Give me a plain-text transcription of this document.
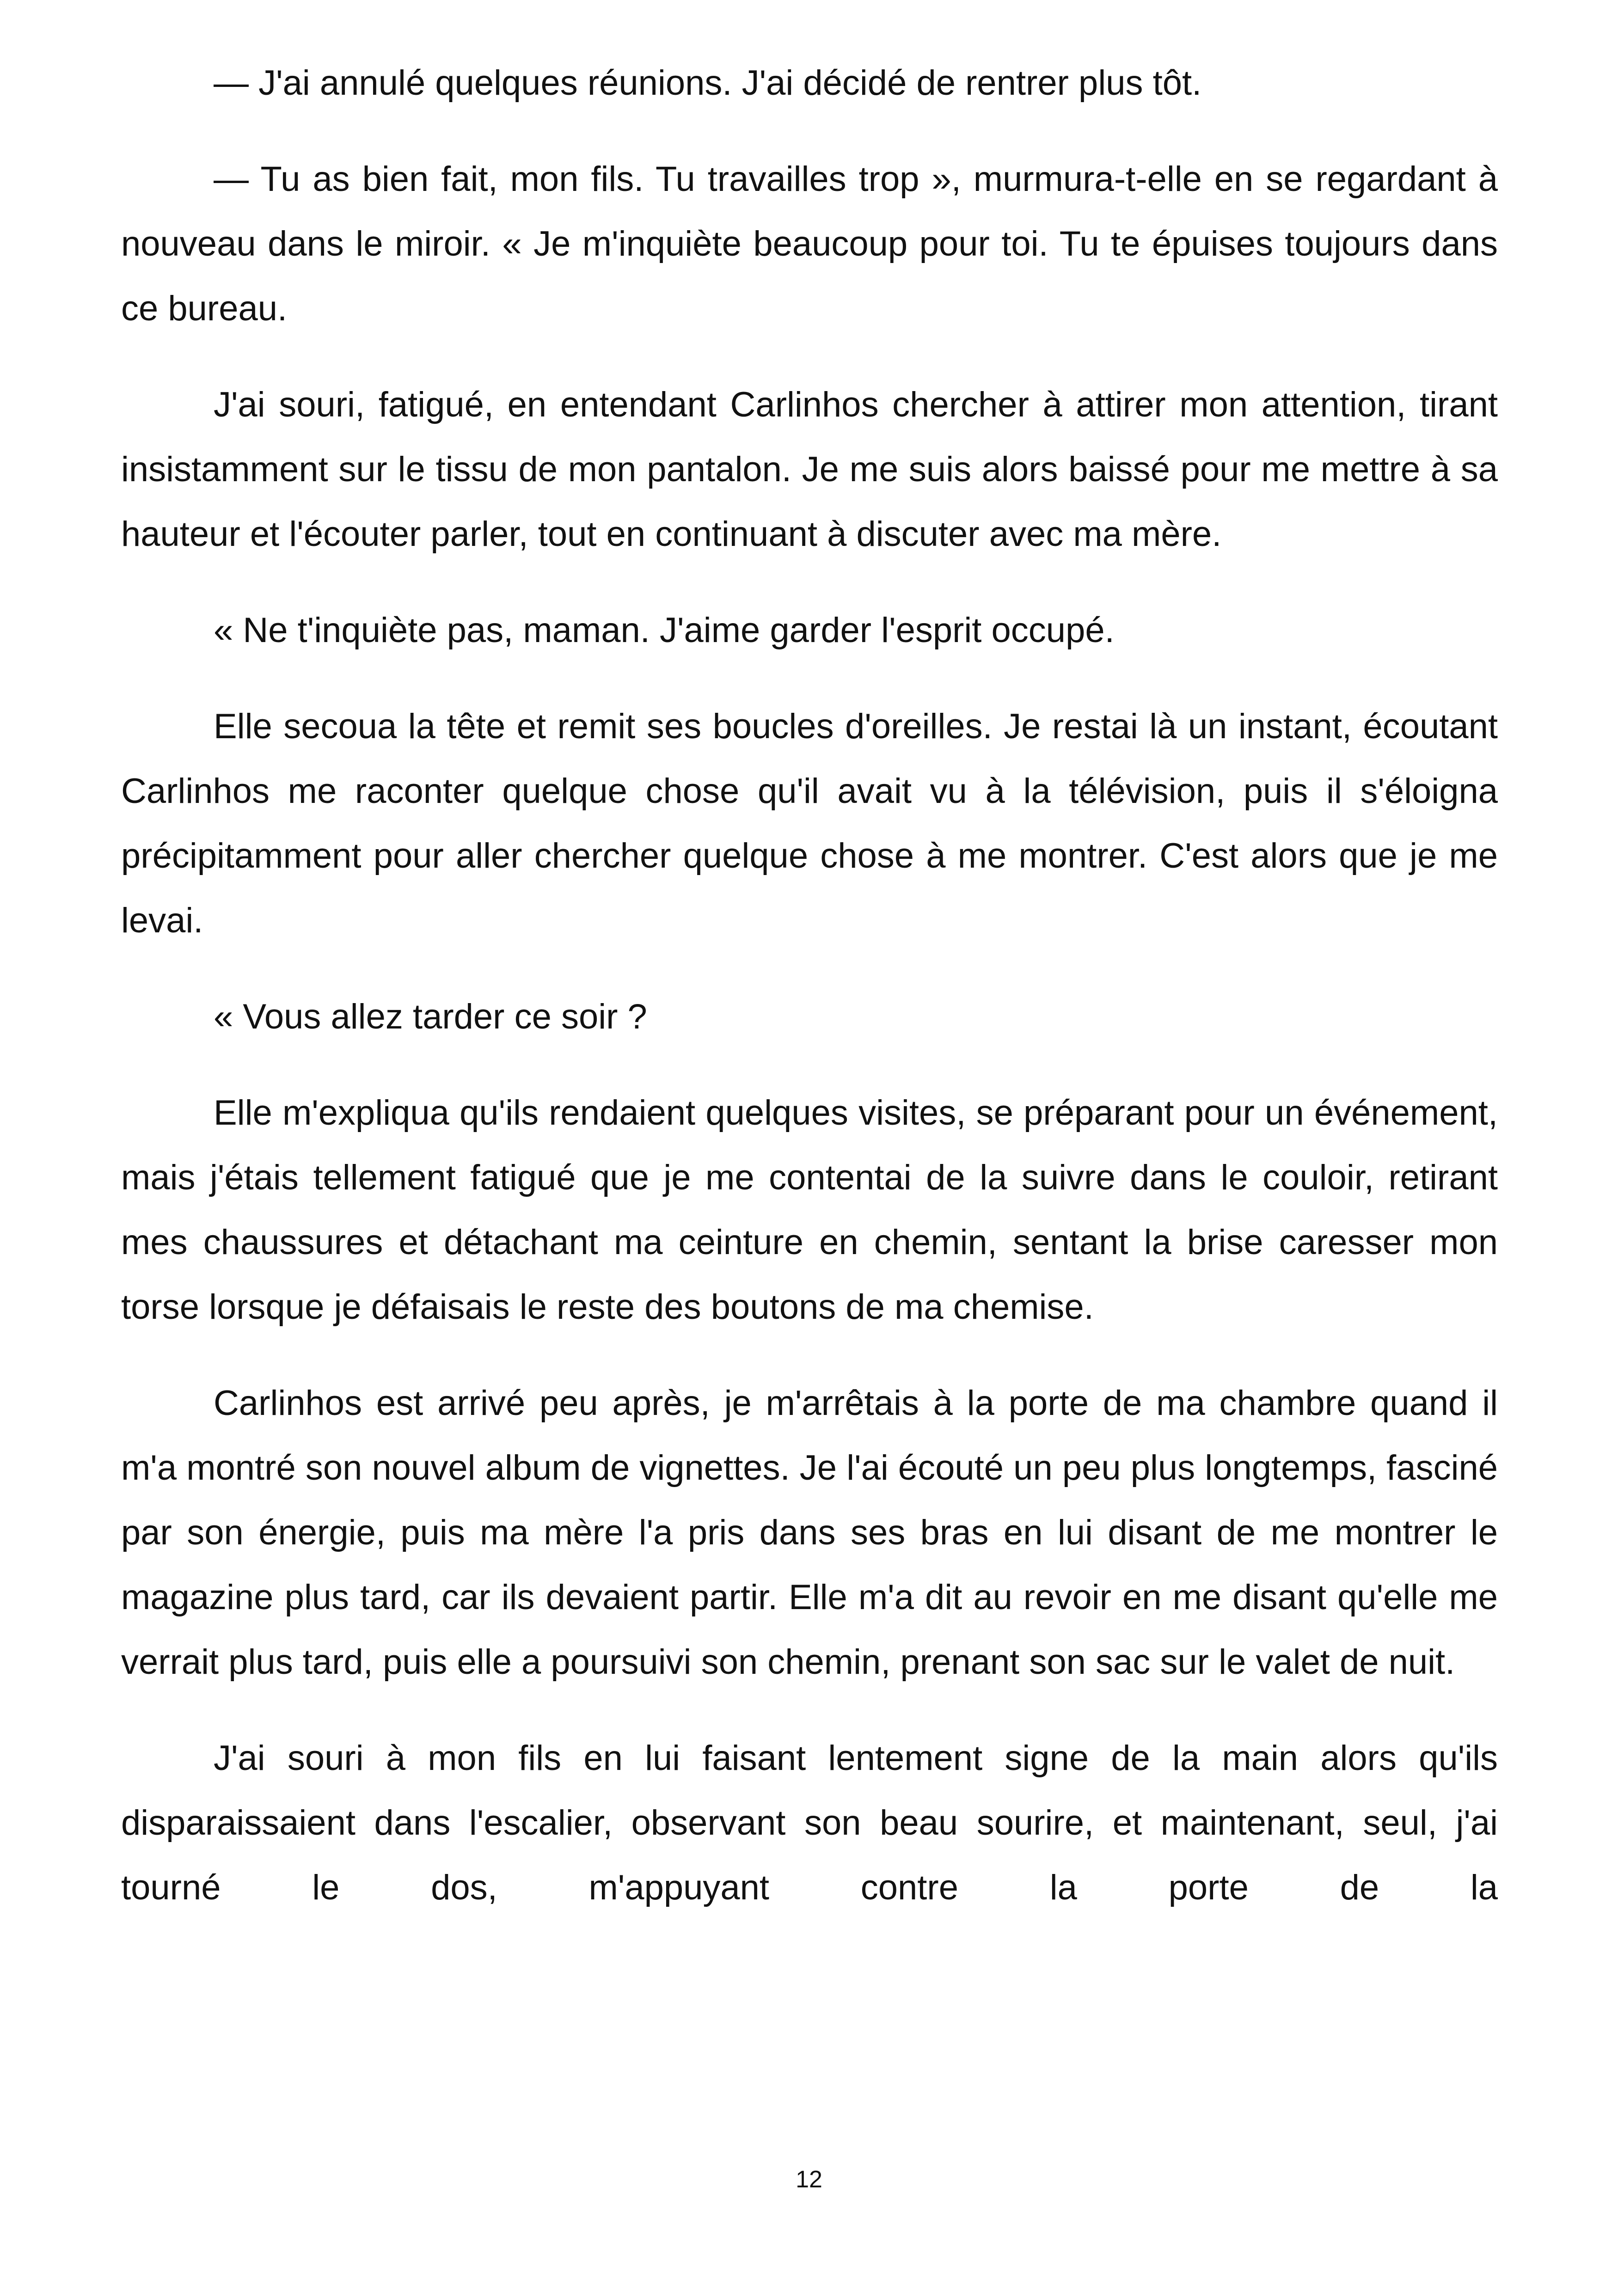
— J'ai annulé quelques réunions. J'ai décidé de rentrer plus tôt.

— Tu as bien fait, mon fils. Tu travailles trop », murmura-t-elle en se regardant à nouveau dans le miroir. « Je m'inquiète beaucoup pour toi. Tu te épuises toujours dans ce bureau.

J'ai souri, fatigué, en entendant Carlinhos chercher à attirer mon attention, tirant insistamment sur le tissu de mon pantalon. Je me suis alors baissé pour me mettre à sa hauteur et l'écouter parler, tout en continuant à discuter avec ma mère.

« Ne t'inquiète pas, maman. J'aime garder l'esprit occupé.

Elle secoua la tête et remit ses boucles d'oreilles. Je restai là un instant, écoutant Carlinhos me raconter quelque chose qu'il avait vu à la télévision, puis il s'éloigna précipitamment pour aller chercher quelque chose à me montrer. C'est alors que je me levai.

« Vous allez tarder ce soir ?

Elle m'expliqua qu'ils rendaient quelques visites, se préparant pour un événement, mais j'étais tellement fatigué que je me contentai de la suivre dans le couloir, retirant mes chaussures et détachant ma ceinture en chemin, sentant la brise caresser mon torse lorsque je défaisais le reste des boutons de ma chemise.

Carlinhos est arrivé peu après, je m'arrêtais à la porte de ma chambre quand il m'a montré son nouvel album de vignettes. Je l'ai écouté un peu plus longtemps, fasciné par son énergie, puis ma mère l'a pris dans ses bras en lui disant de me montrer le magazine plus tard, car ils devaient partir. Elle m'a dit au revoir en me disant qu'elle me verrait plus tard, puis elle a poursuivi son chemin, prenant son sac sur le valet de nuit.

J'ai souri à mon fils en lui faisant lentement signe de la main alors qu'ils disparaissaient dans l'escalier, observant son beau sourire, et maintenant, seul, j'ai tourné le dos, m'appuyant contre la porte de la

12
